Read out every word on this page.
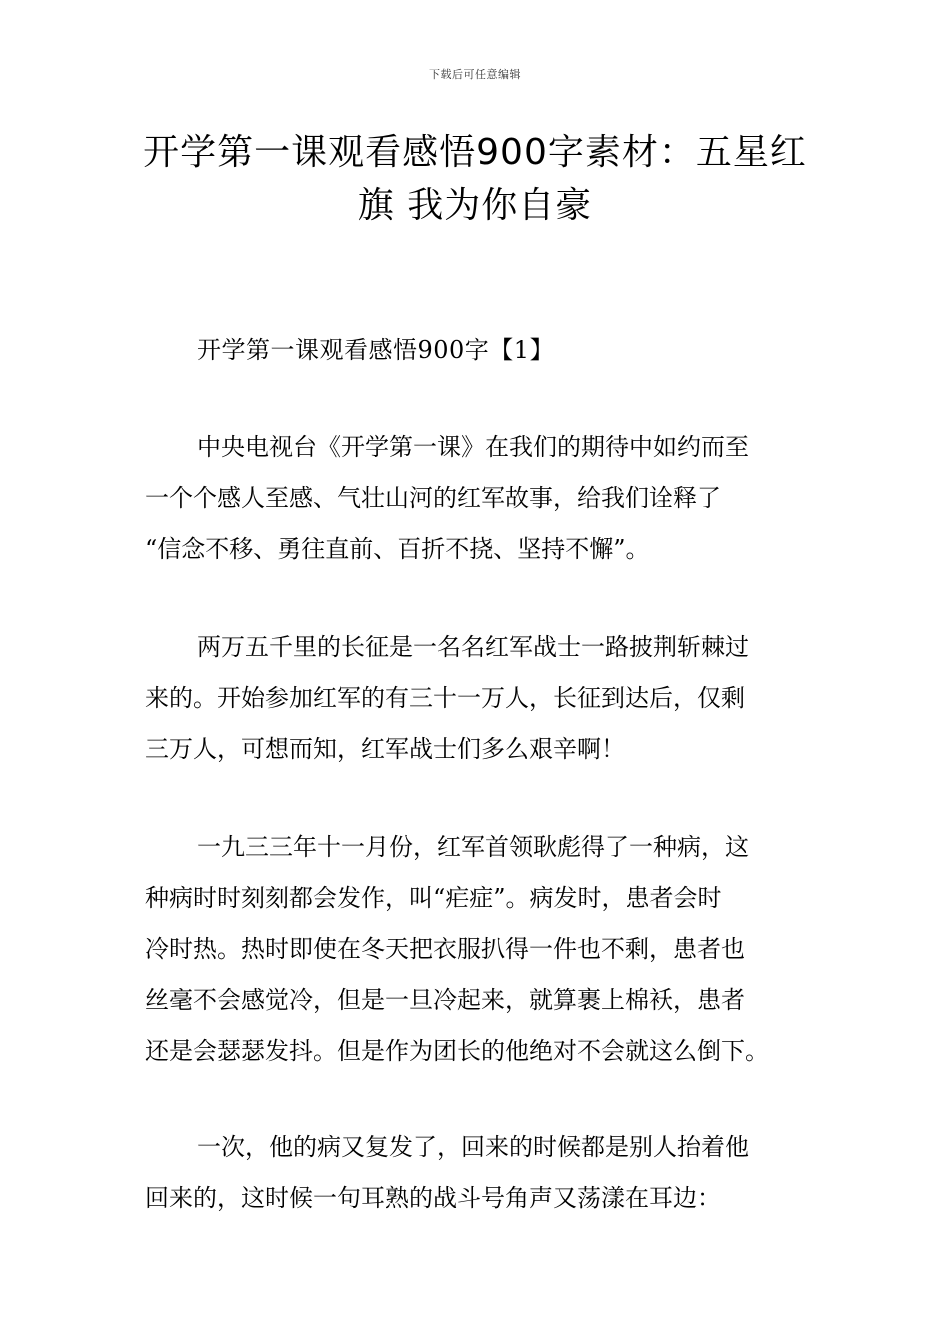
下载后可任意编辑
开学第一课观看感悟900字素材：五星红
旗 我为你自豪
开学第一课观看感悟900字【1】

中央电视台《开学第一课》在我们的期待中如约而至
一个个感人至感、气壮山河的红军故事，给我们诠释了
“信念不移、勇往直前、百折不挠、坚持不懈”。

两万五千里的长征是一名名红军战士一路披荆斩棘过
来的。开始参加红军的有三十一万人，长征到达后，仅剩
三万人，可想而知，红军战士们多么艰辛啊！

一九三三年十一月份，红军首领耿彪得了一种病，这
种病时时刻刻都会发作，叫“疟症”。病发时，患者会时
冷时热。热时即使在冬天把衣服扒得一件也不剩，患者也
丝毫不会感觉冷，但是一旦冷起来，就算裹上棉袄，患者
还是会瑟瑟发抖。但是作为团长的他绝对不会就这么倒下。

一次，他的病又复发了，回来的时候都是别人抬着他
回来的，这时候一句耳熟的战斗号角声又荡漾在耳边：
